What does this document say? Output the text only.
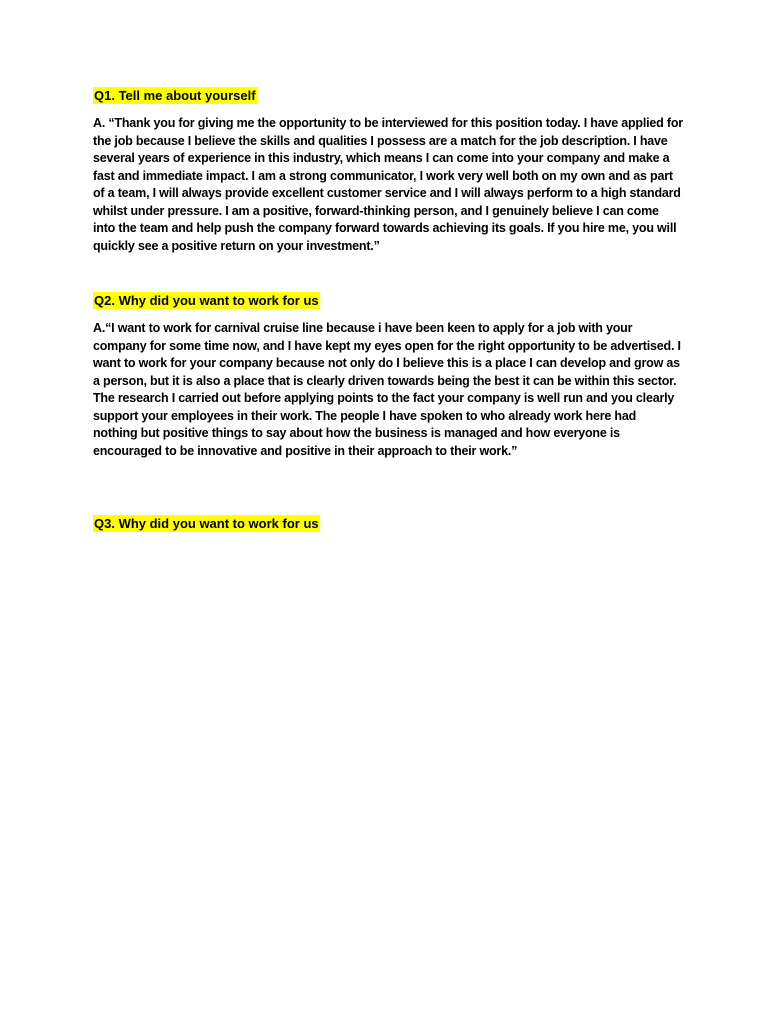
Q1. Tell me about yourself

A. “Thank you for giving me the opportunity to be interviewed for this position today. I have applied for the job because I believe the skills and qualities I possess are a match for the job description. I have several years of experience in this industry, which means I can come into your company and make a fast and immediate impact. I am a strong communicator, I work very well both on my own and as part of a team, I will always provide excellent customer service and I will always perform to a high standard whilst under pressure. I am a positive, forward-thinking person, and I genuinely believe I can come into the team and help push the company forward towards achieving its goals. If you hire me, you will quickly see a positive return on your investment.”

Q2. Why did you want to work for us

A.“I want to work for carnival cruise line because i have been keen to apply for a job with your company for some time now, and I have kept my eyes open for the right opportunity to be advertised. I want to work for your company because not only do I believe this is a place I can develop and grow as a person, but it is also a place that is clearly driven towards being the best it can be within this sector. The research I carried out before applying points to the fact your company is well run and you clearly support your employees in their work. The people I have spoken to who already work here had nothing but positive things to say about how the business is managed and how everyone is encouraged to be innovative and positive in their approach to their work.”

Q3. Why did you want to work for us
